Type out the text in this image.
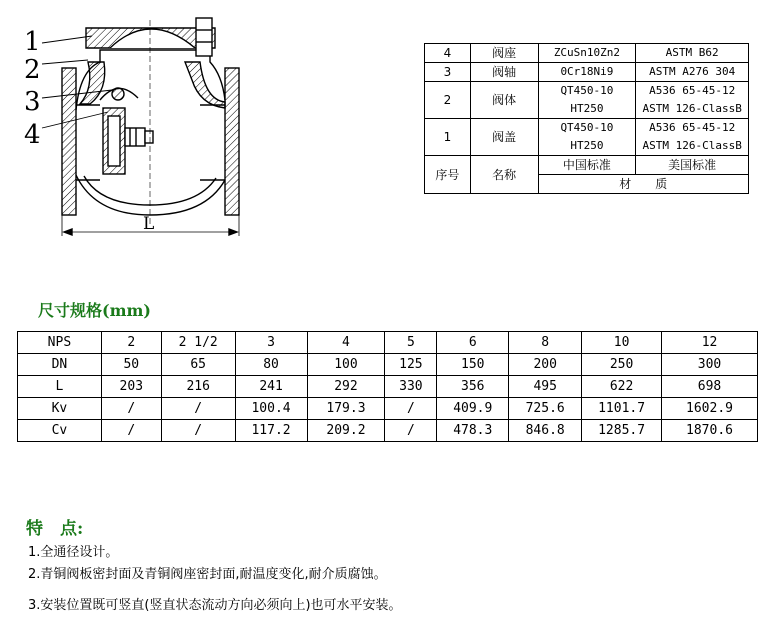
1
2
3
4
L
4	阀座	ZCuSn10Zn2	ASTM B62
3	阀轴	0Cr18Ni9	ASTM A276 304
2	阀体	QT450-10	A536 65-45-12
		HT250	ASTM 126-ClassB
1	阀盖	QT450-10	A536 65-45-12
		HT250	ASTM 126-ClassB
序号	名称	中国标准	美国标准
		材　　质	
尺寸规格(mm)
NPS	2	2 1/2	3	4	5	6	8	10	12
DN	50	65	80	100	125	150	200	250	300
L	203	216	241	292	330	356	495	622	698
Kv	/	/	100.4	179.3	/	409.9	725.6	1101.7	1602.9
Cv	/	/	117.2	209.2	/	478.3	846.8	1285.7	1870.6
特　点:
1.全通径设计。
2.青铜阀板密封面及青铜阀座密封面,耐温度变化,耐介质腐蚀。
3.安装位置既可竖直(竖直状态流动方向必须向上)也可水平安装。
